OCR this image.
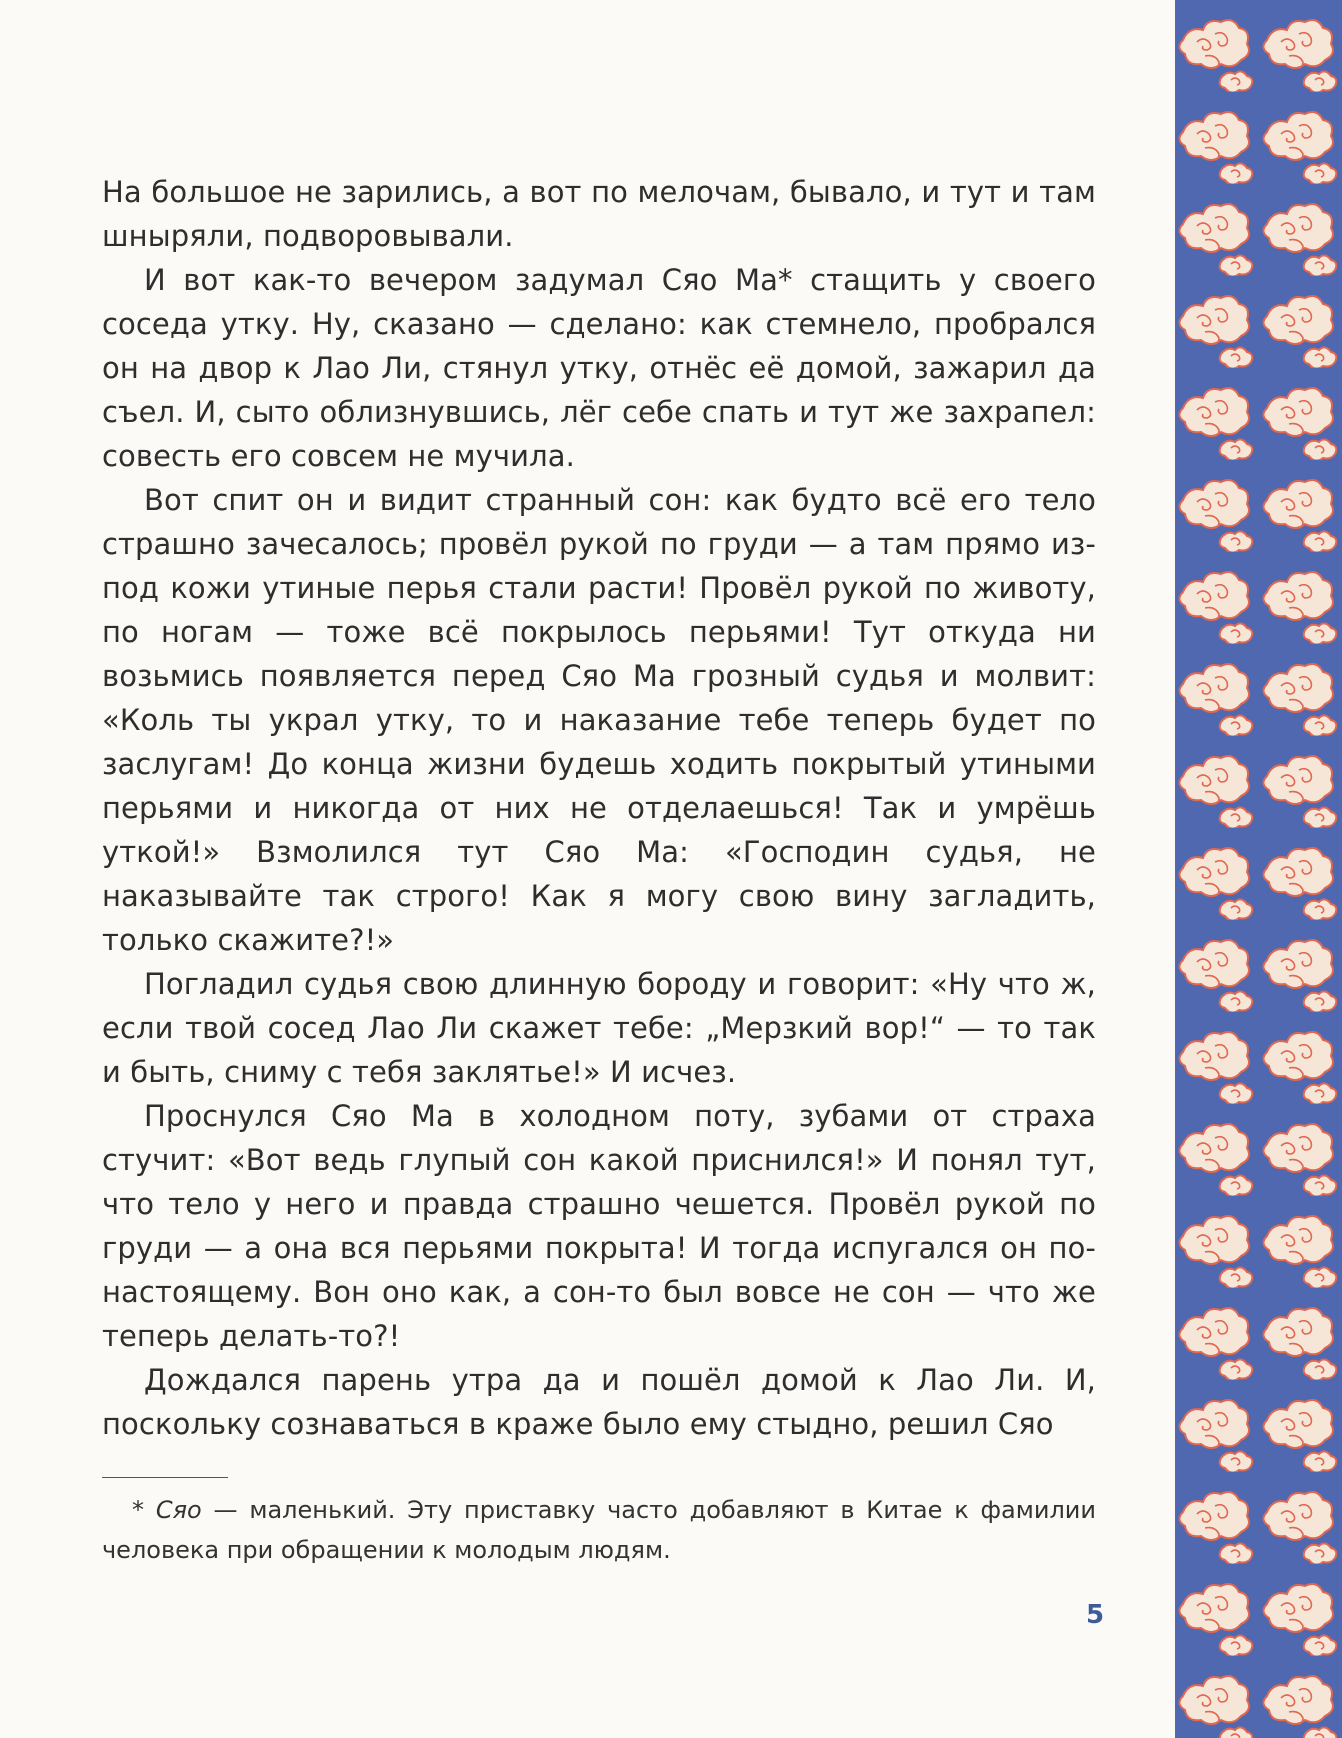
На большое не зарились, а вот по мелочам, бывало, и тут и там шныряли, подворовывали.

И вот как-то вечером задумал Сяо Ма* стащить у своего соседа утку. Ну, сказано — сделано: как стемнело, пробрался он на двор к Лао Ли, стянул утку, отнёс её домой, зажарил да съел. И, сыто облизнувшись, лёг себе спать и тут же захрапел: совесть его совсем не мучила.

Вот спит он и видит странный сон: как будто всё его тело страшно зачесалось; провёл рукой по груди — а там прямо из-под кожи утиные перья стали расти! Провёл рукой по животу, по ногам — тоже всё покрылось перьями! Тут откуда ни возьмись появляется перед Сяо Ма грозный судья и молвит: «Коль ты украл утку, то и наказание тебе теперь будет по заслугам! До конца жизни будешь ходить покрытый утиными перьями и никогда от них не отделаешься! Так и умрёшь уткой!» Взмолился тут Сяо Ма: «Господин судья, не наказывайте так строго! Как я могу свою вину загладить, только скажите?!»

Погладил судья свою длинную бороду и говорит: «Ну что ж, если твой сосед Лао Ли скажет тебе: „Мерзкий вор!“ — то так и быть, сниму с тебя заклятье!» И исчез.

Проснулся Сяо Ма в холодном поту, зубами от страха стучит: «Вот ведь глупый сон какой приснился!» И понял тут, что тело у него и правда страшно чешется. Провёл рукой по груди — а она вся перьями покрыта! И тогда испугался он по-настоящему. Вон оно как, а сон-то был вовсе не сон — что же теперь делать-то?!

Дождался парень утра да и пошёл домой к Лао Ли. И, поскольку сознаваться в краже было ему стыдно, решил Сяо

* Сяо — маленький. Эту приставку часто добавляют в Китае к фамилии человека при обращении к молодым людям.

5
